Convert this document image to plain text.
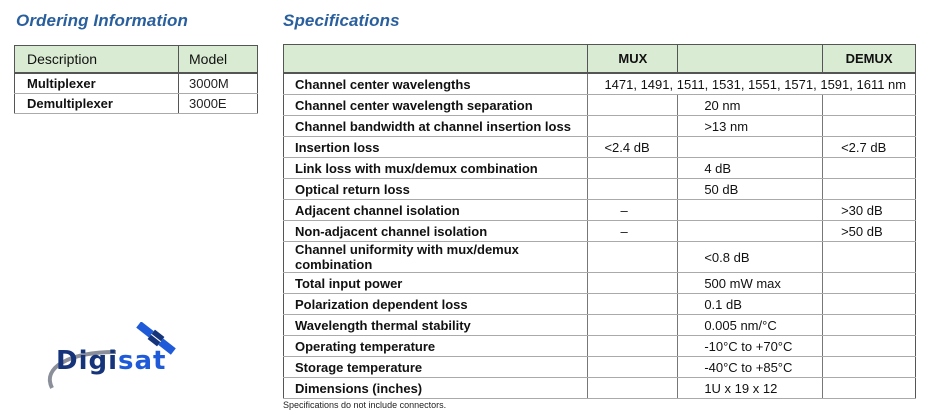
Ordering Information	Specifications
Description	Model
Multiplexer	3000M
Demultiplexer	3000E
	MUX		DEMUX
Channel center wavelengths	1471, 1491, 1511, 1531, 1551, 1571, 1591, 1611 nm		
Channel center wavelength separation		20 nm	
Channel bandwidth at channel insertion loss		>13 nm	
Insertion loss	<2.4 dB		<2.7 dB
Link loss with mux/demux combination		4 dB	
Optical return loss		50 dB	
Adjacent channel isolation	–		>30 dB
Non-adjacent channel isolation	–		>50 dB
Channel uniformity with mux/demux combination		<0.8 dB	
Total input power		500 mW max	
Polarization dependent loss		0.1 dB	
Wavelength thermal stability		0.005 nm/°C	
Operating temperature		-10°C to +70°C	
Storage temperature		-40°C to +85°C	
Dimensions (inches)		1U x 19 x 12	
Specifications do not include connectors.
Digisat
